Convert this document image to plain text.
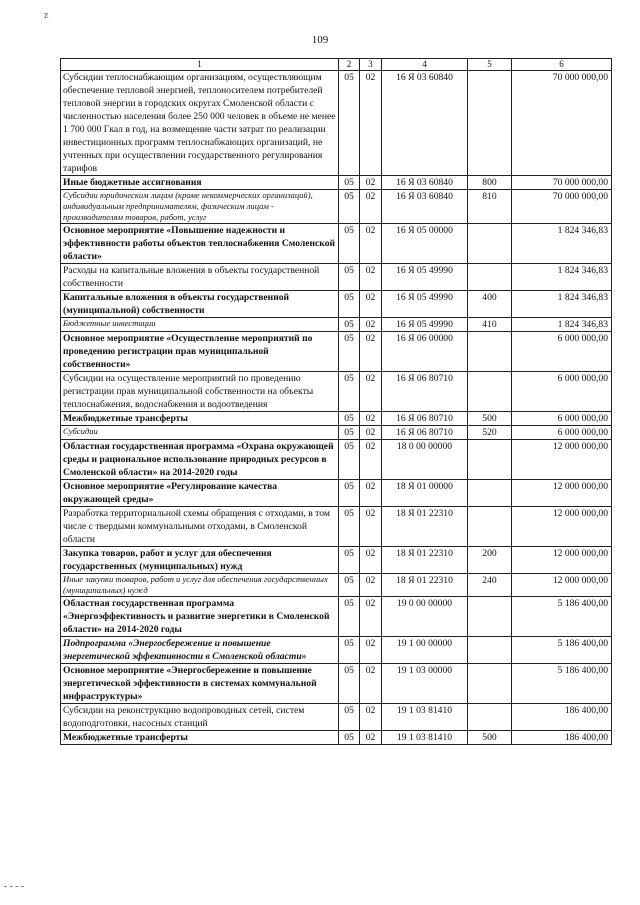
z
109
1	2	3	4	5	6
Субсидии теплоснабжающим организациям, осуществляющим обеспечение тепловой энергией, теплоносителем потребителей тепловой энергии в городских округах Смоленской области с численностью населения более 250 000 человек в объеме не менее 1 700 000 Гкал в год, на возмещение части затрат по реализации инвестиционных программ теплоснабжающих организаций, не учтенных при осуществлении государственного регулирования тарифов	05	02	16 Я 03 60840		70 000 000,00
Иные бюджетные ассигнования	05	02	16 Я 03 60840	800	70 000 000,00
Субсидии юридическим лицам (кроме некоммерческих организаций), индивидуальным предпринимателям, физическим лицам - производителям товаров, работ, услуг	05	02	16 Я 03 60840	810	70 000 000,00
Основное мероприятие «Повышение надежности и эффективности работы объектов теплоснабжения Смоленской области»	05	02	16 Я 05 00000		1 824 346,83
Расходы на капитальные вложения в объекты государственной собственности	05	02	16 Я 05 49990		1 824 346,83
Капитальные вложения в объекты государственной (муниципальной) собственности	05	02	16 Я 05 49990	400	1 824 346,83
Бюджетные инвестиции	05	02	16 Я 05 49990	410	1 824 346,83
Основное мероприятие «Осуществление мероприятий по проведению регистрации прав муниципальной собственности»	05	02	16 Я 06 00000		6 000 000,00
Субсидии на осуществление мероприятий по проведению регистрации прав муниципальной собственности на объекты теплоснабжения, водоснабжения и водоотведения	05	02	16 Я 06 80710		6 000 000,00
Межбюджетные трансферты	05	02	16 Я 06 80710	500	6 000 000,00
Субсидии	05	02	16 Я 06 80710	520	6 000 000,00
Областная государственная программа «Охрана окружающей среды и рациональное использование природных ресурсов в Смоленской области» на 2014-2020 годы	05	02	18 0 00 00000		12 000 000,00
Основное мероприятие «Регулирование качества окружающей среды»	05	02	18 Я 01 00000		12 000 000,00
Разработка территориальной схемы обращения с отходами, в том числе с твердыми коммунальными отходами, в Смоленской области	05	02	18 Я 01 22310		12 000 000,00
Закупка товаров, работ и услуг для обеспечения государственных (муниципальных) нужд	05	02	18 Я 01 22310	200	12 000 000,00
Иные закупки товаров, работ и услуг для обеспечения государственных (муниципальных) нужд	05	02	18 Я 01 22310	240	12 000 000,00
Областная государственная программа «Энергоэффективность и развитие энергетики в Смоленской области» на 2014-2020 годы	05	02	19 0 00 00000		5 186 400,00
Подпрограмма «Энергосбережение и повышение энергетической эффективности в Смоленской области»	05	02	19 1 00 00000		5 186 400,00
Основное мероприятие «Энергосбережение и повышение энергетической эффективности в системах коммунальной инфраструктуры»	05	02	19 1 03 00000		5 186 400,00
Субсидии на реконструкцию водопроводных сетей, систем водоподготовки, насосных станций	05	02	19 1 03 81410		186 400,00
Межбюджетные трансферты	05	02	19 1 03 81410	500	186 400,00
